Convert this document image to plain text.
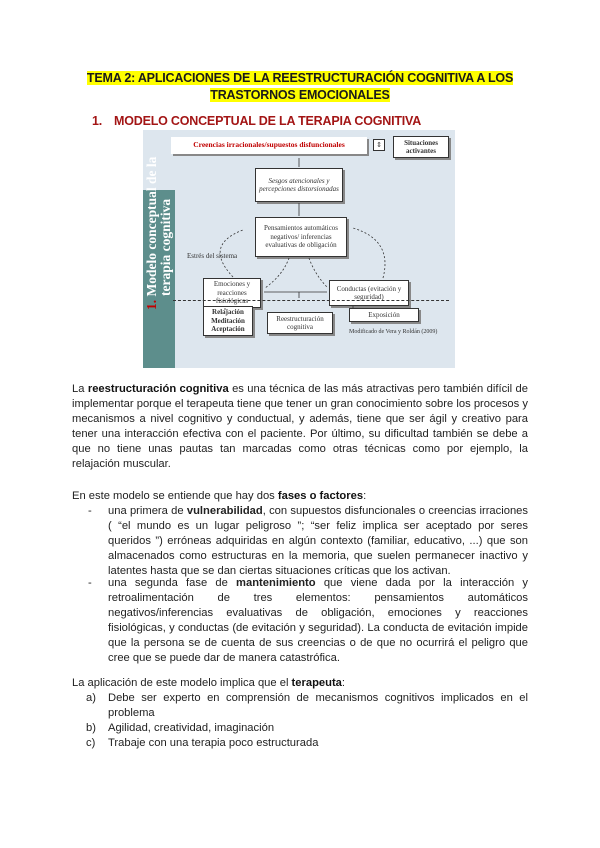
TEMA 2: APLICACIONES DE LA REESTRUCTURACIÓN COGNITIVA A LOS
TRASTORNOS EMOCIONALES
1. MODELO CONCEPTUAL DE LA TERAPIA COGNITIVA
1. Modelo conceptual de la
terapia cognitiva
Creencias irracionales/supuestos disfuncionales	⇕	Situaciones activantes
Sesgos atencionales y percepciones distorsionadas
Pensamientos automáticos negativos/ inferencias evaluativas de obligación
Estrés del sistema
Emociones y reacciones fisiológicas
Conductas (evitación y seguridad)
Relajación Meditación Aceptación
Reestructuración cognitiva
Exposición
Modificado de Vera y Roldán (2009)
La reestructuración cognitiva es una técnica de las más atractivas pero también difícil de implementar porque el terapeuta tiene que tener un gran conocimiento sobre los procesos y mecanismos a nivel cognitivo y conductual, y además, tiene que ser ágil y creativo para tener una interacción efectiva con el paciente. Por último, su dificultad también se debe a que no tiene unas pautas tan marcadas como otras técnicas como por ejemplo, la relajación muscular.
En este modelo se entiende que hay dos fases o factores:
- una primera de vulnerabilidad, con supuestos disfuncionales o creencias irraciones ( “el mundo es un lugar peligroso ”; “ser feliz implica ser aceptado por seres queridos ”) erróneas adquiridas en algún contexto (familiar, educativo, ...) que son almacenados como estructuras en la memoria, que suelen permanecer inactivo y latentes hasta que se dan ciertas situaciones críticas que los activan.
- una segunda fase de mantenimiento que viene dada por la interacción y retroalimentación de tres elementos: pensamientos automáticos negativos/inferencias evaluativas de obligación, emociones y reacciones fisiológicas, y conductas (de evitación y seguridad). La conducta de evitación impide que la persona se de cuenta de sus creencias o de que no ocurrirá el peligro que cree que se puede dar de manera catastrófica.
La aplicación de este modelo implica que el terapeuta:
a) Debe ser experto en comprensión de mecanismos cognitivos implicados en el problema
b) Agilidad, creatividad, imaginación
c) Trabaje con una terapia poco estructurada
